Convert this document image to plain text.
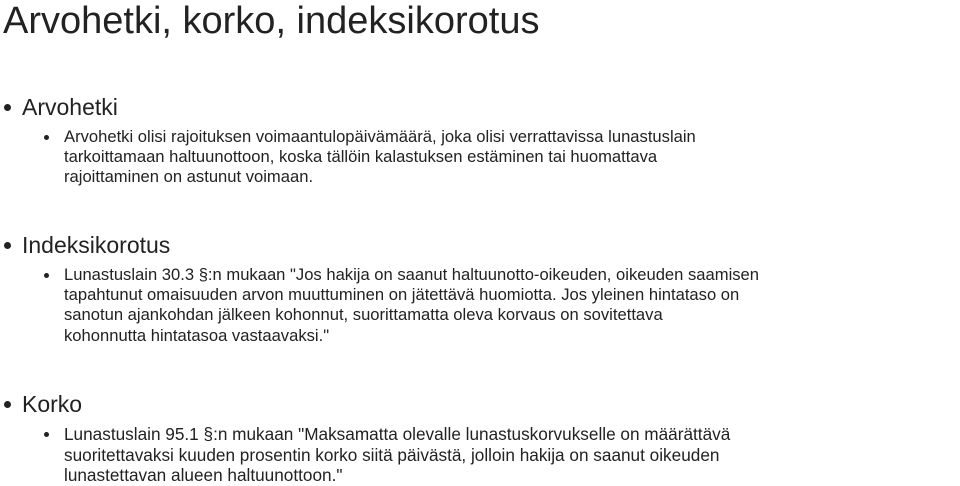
Arvohetki, korko, indeksikorotus
Arvohetki
Arvohetki olisi rajoituksen voimaantulopäivämäärä, joka olisi verrattavissa lunastuslain
tarkoittamaan haltuunottoon, koska tällöin kalastuksen estäminen tai huomattava
rajoittaminen on astunut voimaan.
Indeksikorotus
Lunastuslain 30.3 §:n mukaan "Jos hakija on saanut haltuunotto-oikeuden, oikeuden saamisen
tapahtunut omaisuuden arvon muuttuminen on jätettävä huomiotta. Jos yleinen hintataso on
sanotun ajankohdan jälkeen kohonnut, suorittamatta oleva korvaus on sovitettava
kohonnutta hintatasoa vastaavaksi."
Korko
Lunastuslain 95.1 §:n mukaan "Maksamatta olevalle lunastuskorvukselle on määrättävä
suoritettavaksi kuuden prosentin korko siitä päivästä, jolloin hakija on saanut oikeuden
lunastettavan alueen haltuunottoon."
